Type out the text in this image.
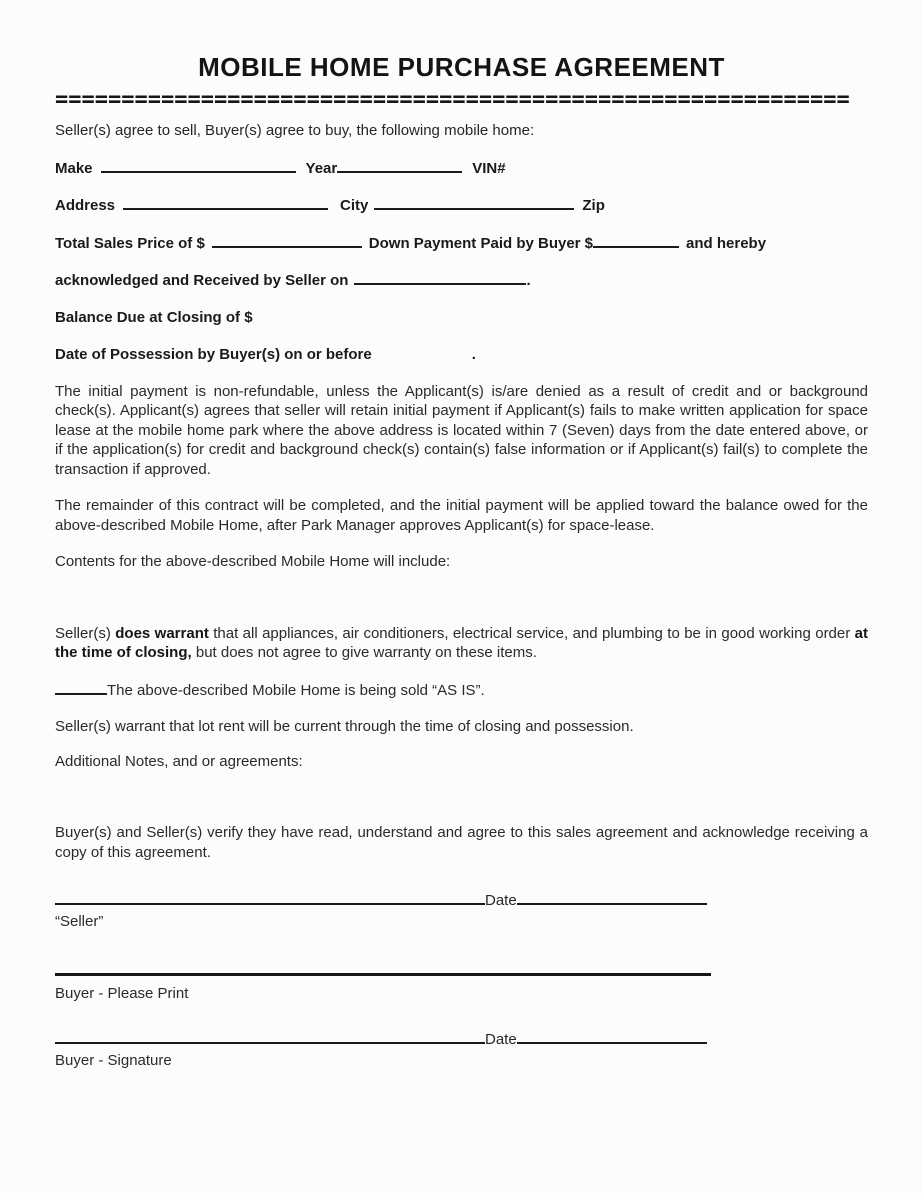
MOBILE HOME PURCHASE AGREEMENT
============================================================

Seller(s) agree to sell, Buyer(s) agree to buy, the following mobile home:

Make	Year	VIN#
Address	City	Zip
Total Sales Price of $	Down Payment Paid by Buyer $	and hereby
acknowledged and Received by Seller on	.
Balance Due at Closing of $
Date of Possession by Buyer(s) on or before	.

The initial payment is non-refundable, unless the Applicant(s) is/are denied as a result of credit and or background check(s). Applicant(s) agrees that seller will retain initial payment if Applicant(s) fails to make written application for space lease at the mobile home park where the above address is located within 7 (Seven) days from the date entered above, or if the application(s) for credit and background check(s) contain(s) false information or if Applicant(s) fail(s) to complete the transaction if approved.

The remainder of this contract will be completed, and the initial payment will be applied toward the balance owed for the above-described Mobile Home, after Park Manager approves Applicant(s) for space-lease.

Contents for the above-described Mobile Home will include:

Seller(s) does warrant that all appliances, air conditioners, electrical service, and plumbing to be in good working order at the time of closing, but does not agree to give warranty on these items.

The above-described Mobile Home is being sold “AS IS”.

Seller(s) warrant that lot rent will be current through the time of closing and possession.

Additional Notes, and or agreements:

Buyer(s) and Seller(s) verify they have read, understand and agree to this sales agreement and acknowledge receiving a copy of this agreement.

Date
“Seller”
Buyer - Please Print
Date
Buyer - Signature
